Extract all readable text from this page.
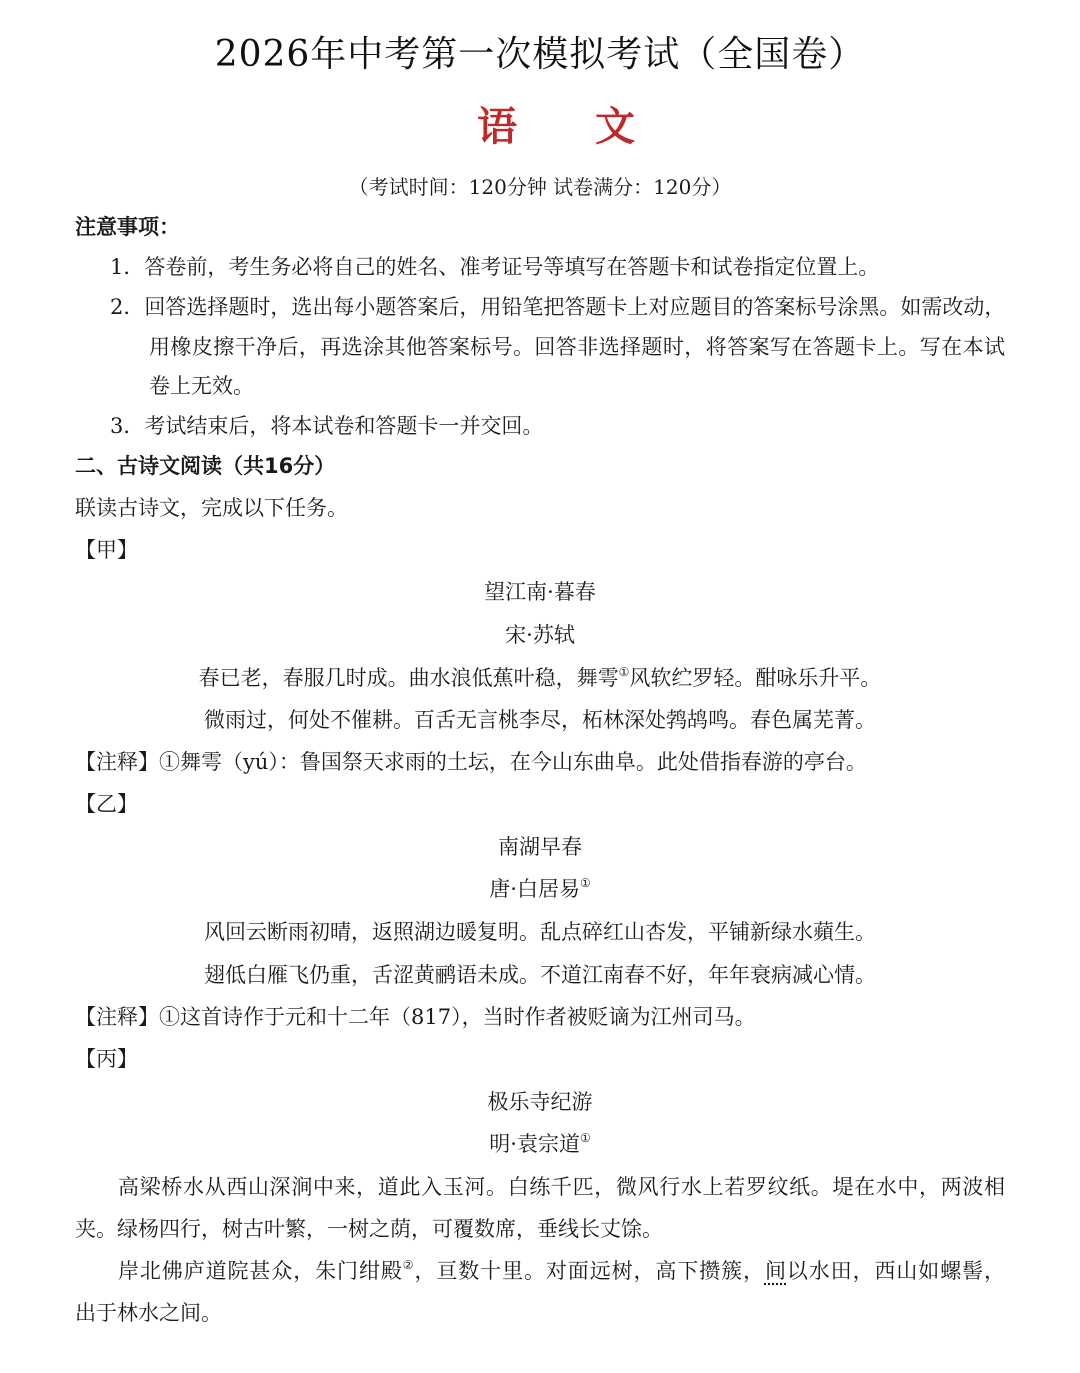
2026年中考第一次模拟考试（全国卷）
语 文
（考试时间：120分钟 试卷满分：120分）
注意事项：
1．答卷前，考生务必将自己的姓名、准考证号等填写在答题卡和试卷指定位置上。
2．回答选择题时，选出每小题答案后，用铅笔把答题卡上对应题目的答案标号涂黑。如需改动，
用橡皮擦干净后，再选涂其他答案标号。回答非选择题时，将答案写在答题卡上。写在本试
卷上无效。
3．考试结束后，将本试卷和答题卡一并交回。
二、古诗文阅读（共16分）
联读古诗文，完成以下任务。
【甲】
望江南·暮春
宋·苏轼
春已老，春服几时成。曲水浪低蕉叶稳，舞雩①风软纻罗轻。酣咏乐升平。
微雨过，何处不催耕。百舌无言桃李尽，柘林深处鹁鸪鸣。春色属芜菁。
【注释】①舞雩（yú）：鲁国祭天求雨的土坛，在今山东曲阜。此处借指春游的亭台。
【乙】
南湖早春
唐·白居易①
风回云断雨初晴，返照湖边暖复明。乱点碎红山杏发，平铺新绿水蘋生。
翅低白雁飞仍重，舌涩黄鹂语未成。不道江南春不好，年年衰病减心情。
【注释】①这首诗作于元和十二年（817），当时作者被贬谪为江州司马。
【丙】
极乐寺纪游
明·袁宗道①
高梁桥水从西山深涧中来，道此入玉河。白练千匹，微风行水上若罗纹纸。堤在水中，两波相
夹。绿杨四行，树古叶繁，一树之荫，可覆数席，垂线长丈馀。
岸北佛庐道院甚众，朱门绀殿②，亘数十里。对面远树，高下攒簇，间以水田，西山如螺髻，
出于林水之间。
